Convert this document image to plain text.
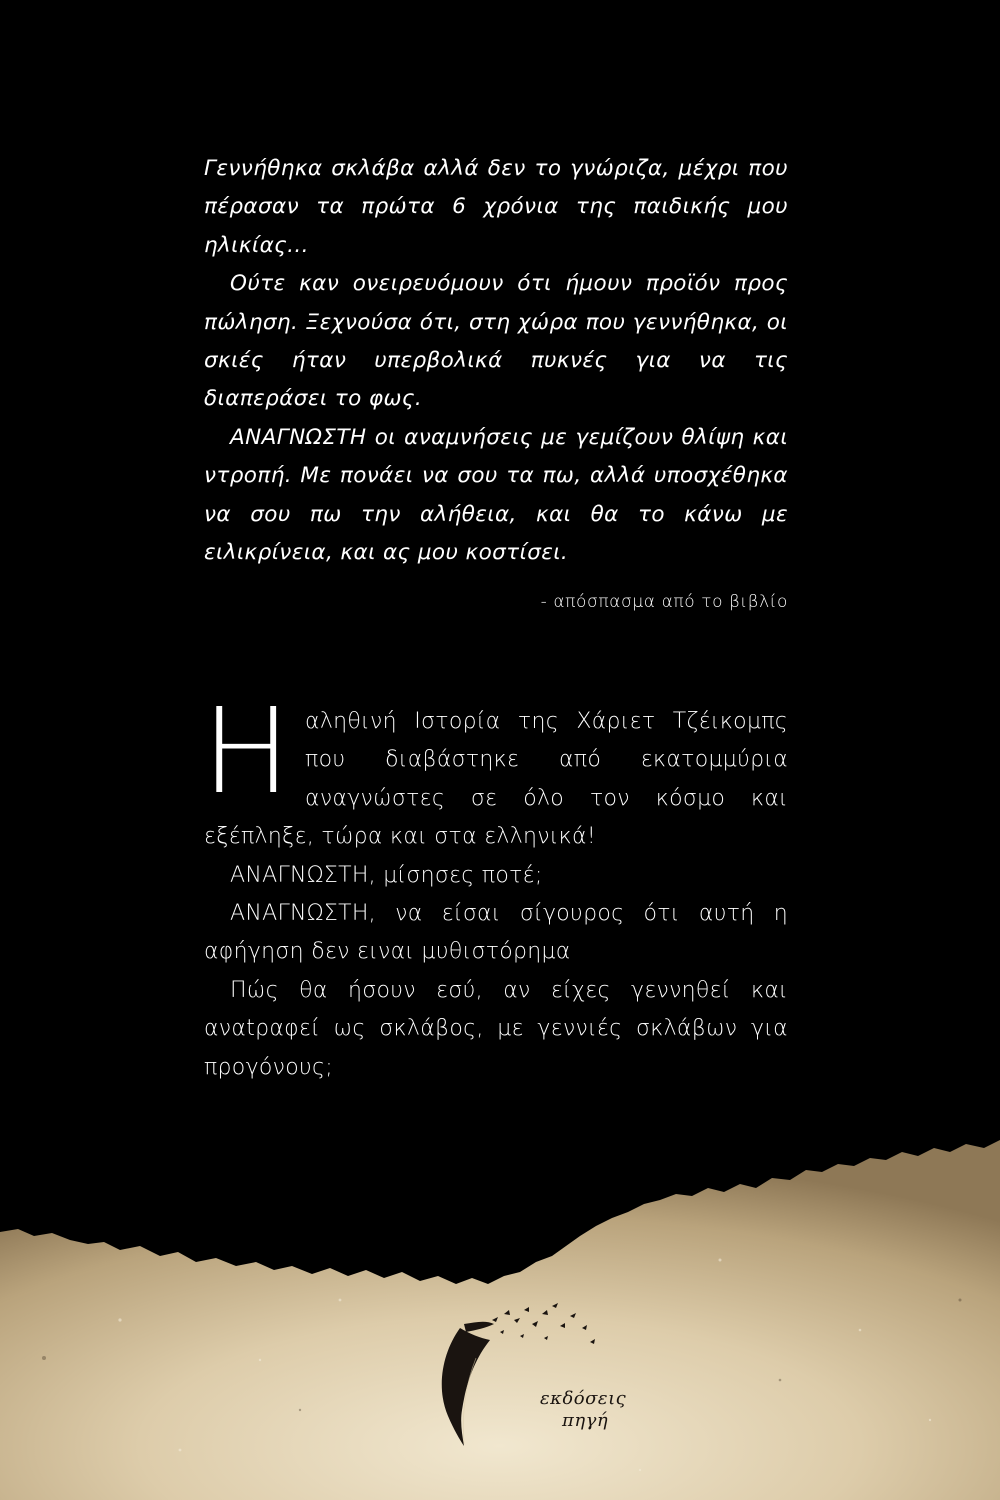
Γεννήθηκα σκλάβα αλλά δεν το γνώριζα, μέχρι που πέρασαν τα πρώτα 6 χρόνια της παιδικής μου ηλικίας...

Ούτε καν ονειρευόμουν ότι ήμουν προϊόν προς πώληση. Ξεχνούσα ότι, στη χώρα που γεννήθηκα, οι σκιές ήταν υπερβολικά πυκνές για να τις διαπεράσει το φως.

ΑΝΑΓΝΩΣΤΗ οι αναμνήσεις με γεμίζουν θλίψη και ντροπή. Με πονάει να σου τα πω, αλλά υποσχέθηκα να σου πω την αλήθεια, και θα το κάνω με ειλικρίνεια, και ας μου κοστίσει.

- απόσπασμα από το βιβλίο

Η αληθινή Ιστορία της Χάριετ Τζέικομπς που διαβάστηκε από εκατομμύρια αναγνώστες σε όλο τον κόσμο και εξέπληξε, τώρα και στα ελληνικά!

ΑΝΑΓΝΩΣΤΗ, μίσησες ποτέ;

ΑΝΑΓΝΩΣΤΗ, να είσαι σίγουρος ότι αυτή η αφήγηση δεν ειναι μυθιστόρημα

Πώς θα ήσουν εσύ, αν είχες γεννηθεί και αναtραφεί ως σκλάβος, με γεννιές σκλάβων για προγόνους;

εκδόσεις
πηγή
